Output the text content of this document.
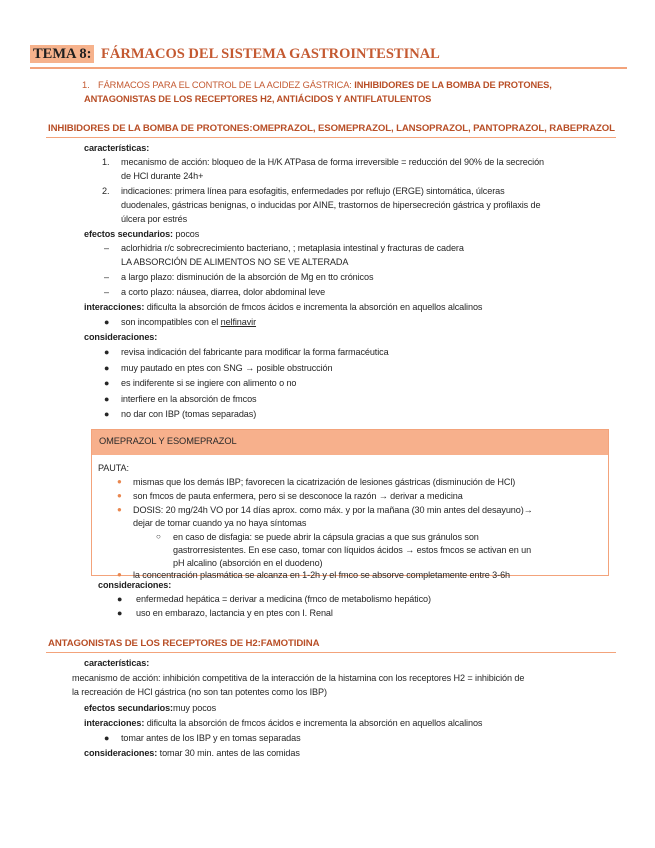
TEMA 8: FÁRMACOS DEL SISTEMA GASTROINTESTINAL
1. FÁRMACOS PARA EL CONTROL DE LA ACIDEZ GÁSTRICA: INHIBIDORES DE LA BOMBA DE PROTONES, ANTAGONISTAS DE LOS RECEPTORES H2, ANTIÁCIDOS Y ANTIFLATULENTOS
INHIBIDORES DE LA BOMBA DE PROTONES:OMEPRAZOL, ESOMEPRAZOL, LANSOPRAZOL, PANTOPRAZOL, RABEPRAZOL
características:
1. mecanismo de acción: bloqueo de la H/K ATPasa de forma irreversible = reducción del 90% de la secreción
de HCl durante 24h+
2. indicaciones: primera línea para esofagitis, enfermedades por reflujo (ERGE) sintomática, úlceras
duodenales, gástricas benignas, o inducidas por AINE, trastornos de hipersecreción gástrica y profilaxis de
úlcera por estrés
efectos secundarios: pocos
– aclorhidria r/c sobrecrecimiento bacteriano, ; metaplasia intestinal y fracturas de cadera
LA ABSORCIÓN DE ALIMENTOS NO SE VE ALTERADA
– a largo plazo: disminución de la absorción de Mg en tto crónicos
– a corto plazo: náusea, diarrea, dolor abdominal leve
interacciones: dificulta la absorción de fmcos ácidos e incrementa la absorción en aquellos alcalinos
● son incompatibles con el nelfinavir
consideraciones:
● revisa indicación del fabricante para modificar la forma farmacéutica
● muy pautado en ptes con SNG → posible obstrucción
● es indiferente si se ingiere con alimento o no
● interfiere en la absorción de fmcos
● no dar con IBP (tomas separadas)
OMEPRAZOL Y ESOMEPRAZOL
PAUTA:
● mismas que los demás IBP; favorecen la cicatrización de lesiones gástricas (disminución de HCl)
● son fmcos de pauta enfermera, pero si se desconoce la razón → derivar a medicina
● DOSIS: 20 mg/24h VO por 14 días aprox. como máx. y por la mañana (30 min antes del desayuno)→
dejar de tomar cuando ya no haya síntomas
○ en caso de disfagia: se puede abrir la cápsula gracias a que sus gránulos son
gastrorresistentes. En ese caso, tomar con líquidos ácidos → estos fmcos se activan en un
pH alcalino (absorción en el duodeno)
● la concentración plasmática se alcanza en 1-2h y el fmco se absorve completamente entre 3-6h
consideraciones:
● enfermedad hepática = derivar a medicina (fmco de metabolismo hepático)
● uso en embarazo, lactancia y en ptes con I. Renal
ANTAGONISTAS DE LOS RECEPTORES DE H2:FAMOTIDINA
características:
mecanismo de acción: inhibición competitiva de la interacción de la histamina con los receptores H2 = inhibición de
la recreación de HCl gástrica (no son tan potentes como los IBP)
efectos secundarios:muy pocos
interacciones: dificulta la absorción de fmcos ácidos e incrementa la absorción en aquellos alcalinos
● tomar antes de los IBP y en tomas separadas
consideraciones: tomar 30 min. antes de las comidas
